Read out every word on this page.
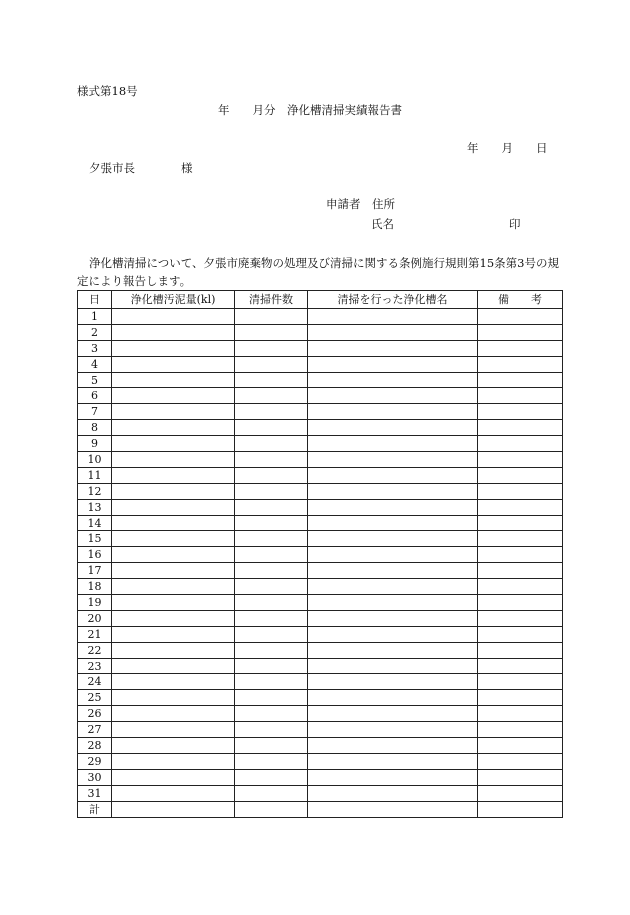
様式第18号
年　　月分　浄化槽清掃実績報告書
年　　月　　日
夕張市長　　　　様
申請者　住所
氏名　　　　　　　　　　印
浄化槽清掃について、夕張市廃棄物の処理及び清掃に関する条例施行規則第15条第3号の規定により報告します。
日	浄化槽汚泥量(kl)	清掃件数	清掃を行った浄化槽名	備　　考
1				
2				
3				
4				
5				
6				
7				
8				
9				
10				
11				
12				
13				
14				
15				
16				
17				
18				
19				
20				
21				
22				
23				
24				
25				
26				
27				
28				
29				
30				
31				
計				
